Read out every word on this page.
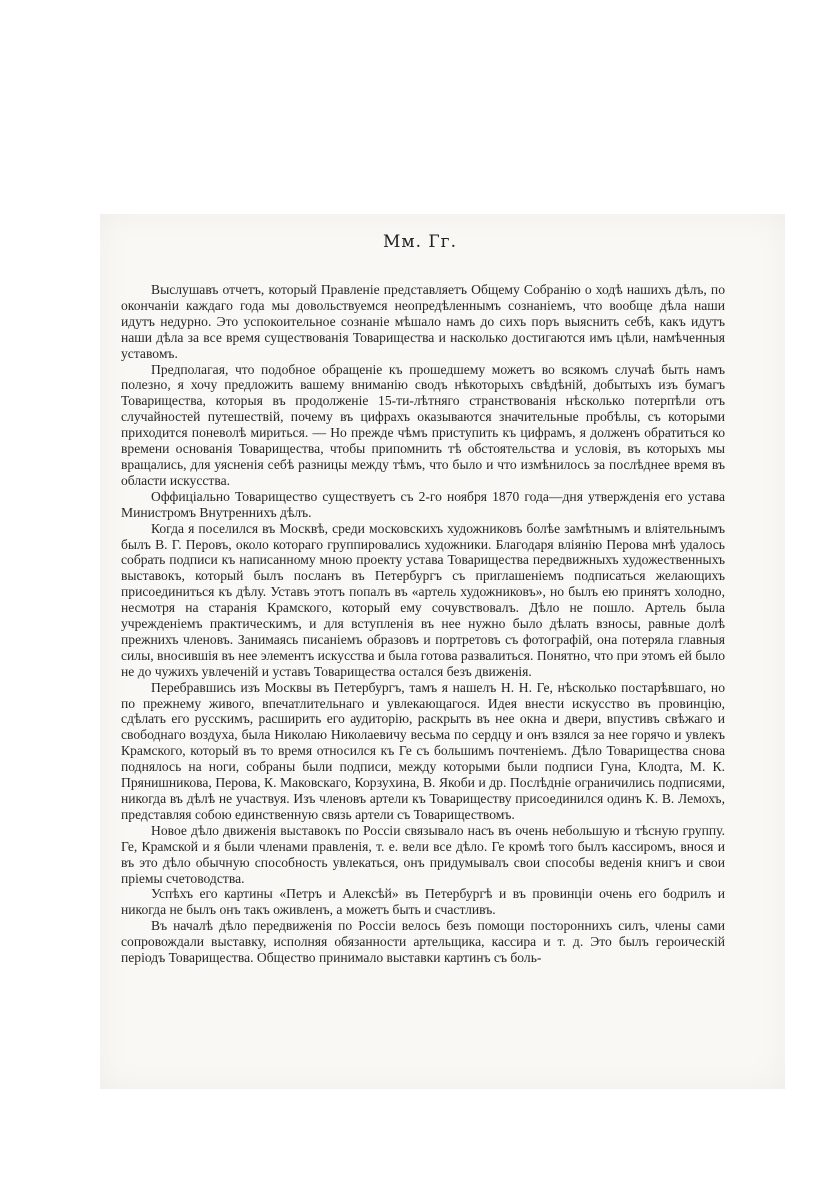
Мм. Гг.

Выслушавъ отчетъ, который Правленіе представляетъ Общему Собранію о ходѣ нашихъ дѣлъ, по окончаніи каждаго года мы довольствуемся неопредѣленнымъ сознаніемъ, что вообще дѣла наши идутъ недурно. Это успокоительное сознаніе мѣшало намъ до сихъ поръ выяснить себѣ, какъ идутъ наши дѣла за все время существованія Товарищества и насколько достигаются имъ цѣли, намѣченныя уставомъ.

Предполагая, что подобное обращеніе къ прошедшему можетъ во всякомъ случаѣ быть намъ полезно, я хочу предложить вашему вниманію сводъ нѣкоторыхъ свѣдѣній, добытыхъ изъ бумагъ Товарищества, которыя въ продолженіе 15-ти-лѣтняго странствованія нѣсколько потерпѣли отъ случайностей путешествій, почему въ цифрахъ оказываются значительные пробѣлы, съ которыми приходится поневолѣ мириться. — Но прежде чѣмъ приступить къ цифрамъ, я долженъ обратиться ко времени основанія Товарищества, чтобы припомнить тѣ обстоятельства и условія, въ которыхъ мы вращались, для уясненія себѣ разницы между тѣмъ, что было и что измѣнилось за послѣднее время въ области искусства.

Оффиціально Товарищество существуетъ съ 2-го ноября 1870 года—дня утвержденія его устава Министромъ Внутреннихъ дѣлъ.

Когда я поселился въ Москвѣ, среди московскихъ художниковъ болѣе замѣтнымъ и вліятельнымъ былъ В. Г. Перовъ, около котораго группировались художники. Благодаря вліянію Перова мнѣ удалось собрать подписи къ написанному мною проекту устава Товарищества передвижныхъ художественныхъ выставокъ, который былъ посланъ въ Петербургъ съ приглашеніемъ подписаться желающихъ присоединиться къ дѣлу. Уставъ этотъ попалъ въ «артель художниковъ», но былъ ею принятъ холодно, несмотря на старанія Крамского, который ему сочувствовалъ. Дѣло не пошло. Артель была учрежденіемъ практическимъ, и для вступленія въ нее нужно было дѣлать взносы, равные долѣ прежнихъ членовъ. Занимаясь писаніемъ образовъ и портретовъ съ фотографій, она потеряла главныя силы, вносившія въ нее элементъ искусства и была готова развалиться. Понятно, что при этомъ ей было не до чужихъ увлеченій и уставъ Товарищества остался безъ движенія.

Перебравшись изъ Москвы въ Петербургъ, тамъ я нашелъ Н. Н. Ге, нѣсколько постарѣвшаго, но по прежнему живого, впечатлительнаго и увлекающагося. Идея внести искусство въ провинцію, сдѣлать его русскимъ, расширить его аудиторію, раскрыть въ нее окна и двери, впустивъ свѣжаго и свободнаго воздуха, была Николаю Николаевичу весьма по сердцу и онъ взялся за нее горячо и увлекъ Крамского, который въ то время относился къ Ге съ большимъ почтеніемъ. Дѣло Товарищества снова поднялось на ноги, собраны были подписи, между которыми были подписи Гуна, Клодта, М. К. Прянишникова, Перова, К. Маковскаго, Корзухина, В. Якоби и др. Послѣдніе ограничились подписями, никогда въ дѣлѣ не участвуя. Изъ членовъ артели къ Товариществу присоединился одинъ К. В. Лемохъ, представляя собою единственную связь артели съ Товариществомъ.

Новое дѣло движенія выставокъ по Россіи связывало насъ въ очень небольшую и тѣсную группу. Ге, Крамской и я были членами правленія, т. е. вели все дѣло. Ге кромѣ того былъ кассиромъ, внося и въ это дѣло обычную способность увлекаться, онъ придумывалъ свои способы веденія книгъ и свои пріемы счетоводства.

Успѣхъ его картины «Петръ и Алексѣй» въ Петербургѣ и въ провинціи очень его бодрилъ и никогда не былъ онъ такъ оживленъ, а можетъ быть и счастливъ.

Въ началѣ дѣло передвиженія по Россіи велось безъ помощи постороннихъ силъ, члены сами сопровождали выставку, исполняя обязанности артельщика, кассира и т. д. Это былъ героическій періодъ Товарищества. Общество принимало выставки картинъ съ боль-
